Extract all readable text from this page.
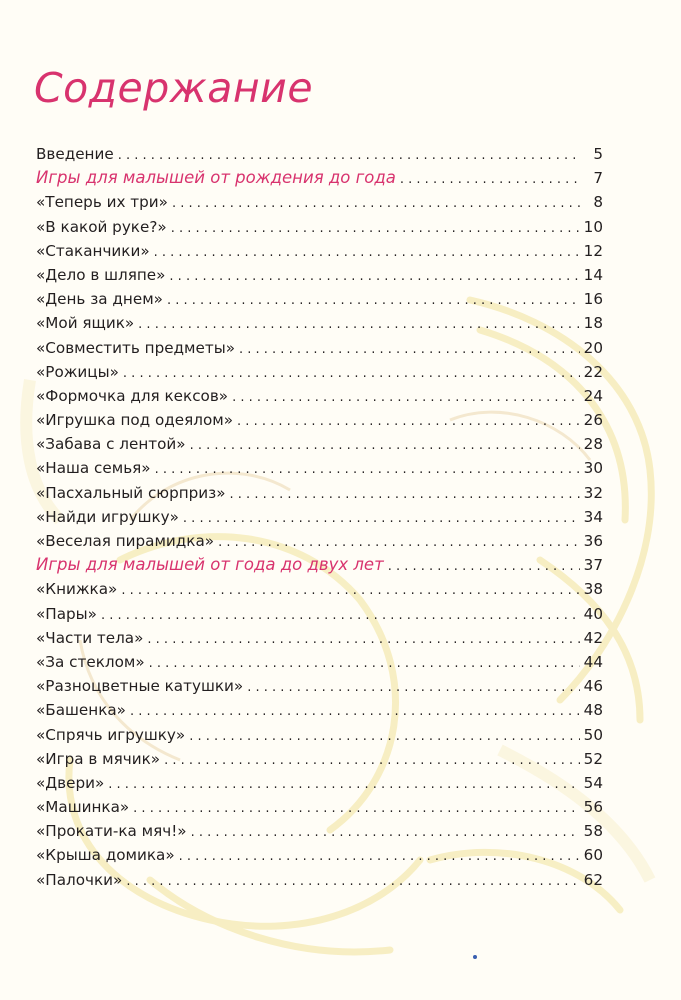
Содержание
Введение . . .	5
Игры для малышей от рождения до года . . .	7
«Теперь их три» . . .	8
«В какой руке?» . . .	10
«Стаканчики» . . .	12
«Дело в шляпе» . . .	14
«День за днем» . . .	16
«Мой ящик» . . .	18
«Совместить предметы» . . .	20
«Рожицы» . . .	22
«Формочка для кексов» . . .	24
«Игрушка под одеялом» . . .	26
«Забава с лентой» . . .	28
«Наша семья» . . .	30
«Пасхальный сюрприз» . . .	32
«Найди игрушку» . . .	34
«Веселая пирамидка» . . .	36
Игры для малышей от года до двух лет . . .	37
«Книжка» . . .	38
«Пары» . . .	40
«Части тела» . . .	42
«За стеклом» . . .	44
«Разноцветные катушки» . . .	46
«Башенка» . . .	48
«Спрячь игрушку» . . .	50
«Игра в мячик» . . .	52
«Двери» . . .	54
«Машинка» . . .	56
«Прокати-ка мяч!» . . .	58
«Крыша домика» . . .	60
«Палочки» . . .	62
